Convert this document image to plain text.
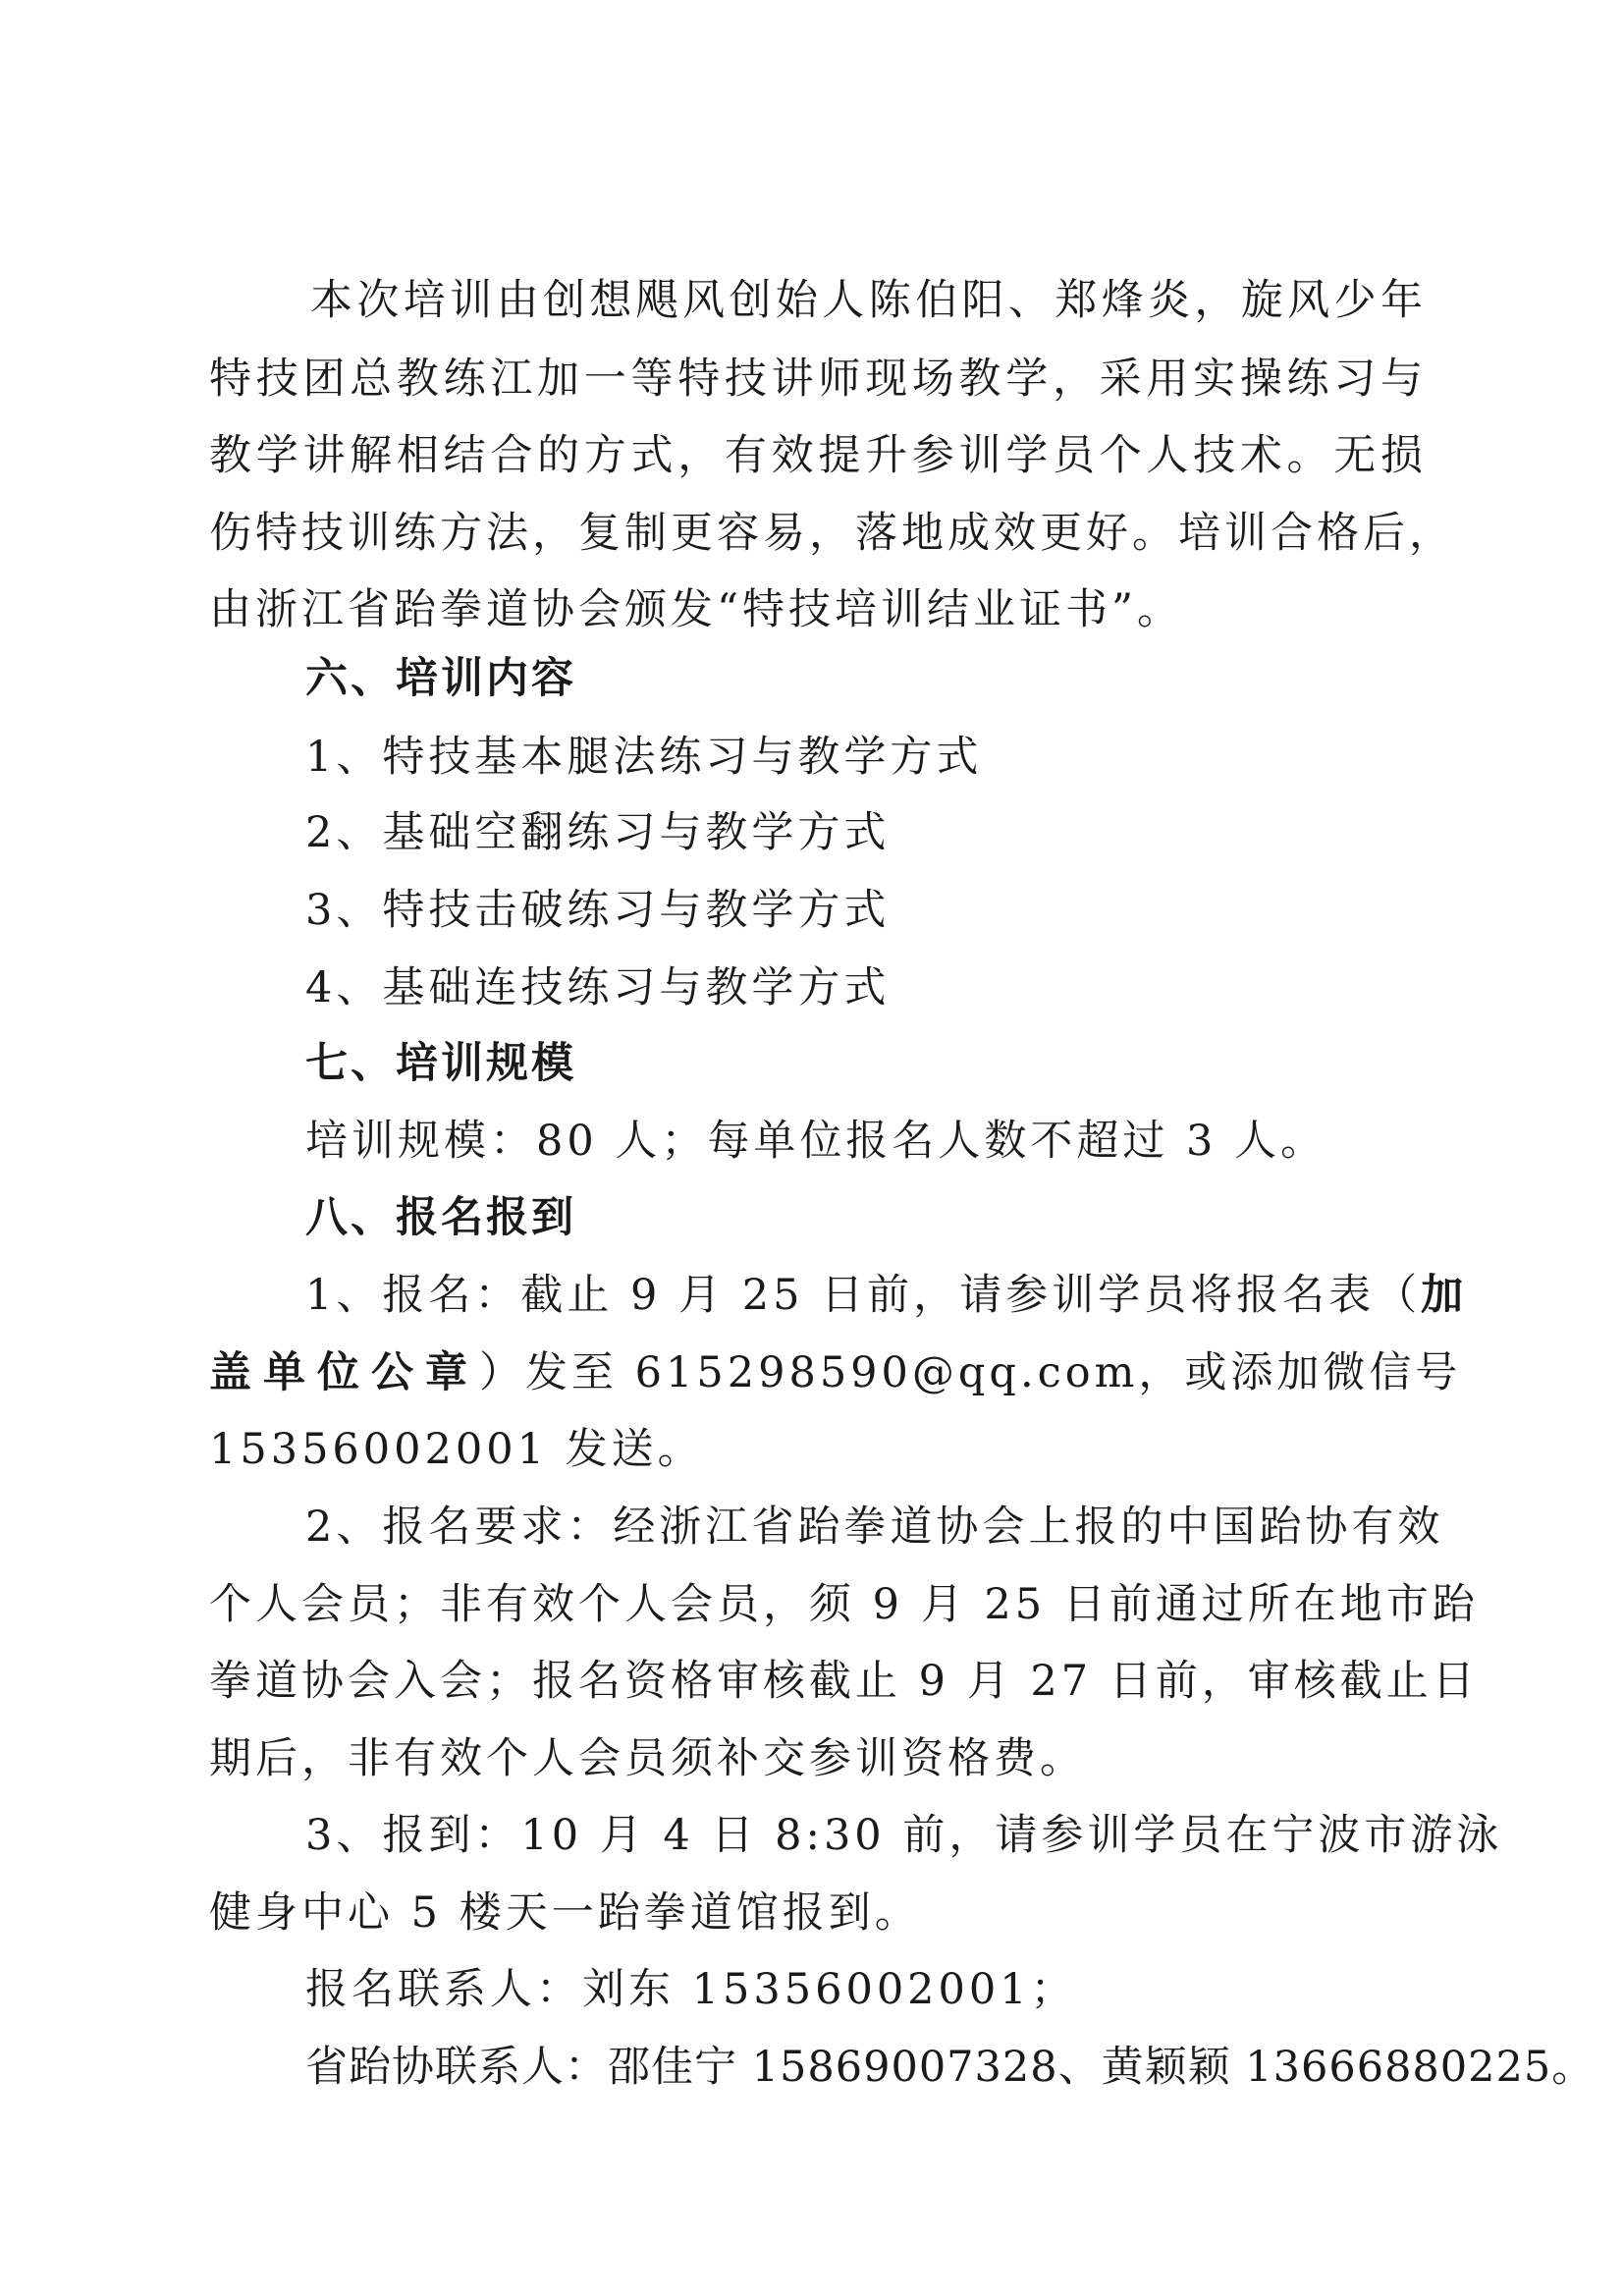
本次培训由创想飓风创始人陈伯阳、郑烽炎，旋风少年
特技团总教练江加一等特技讲师现场教学，采用实操练习与
教学讲解相结合的方式，有效提升参训学员个人技术。无损
伤特技训练方法，复制更容易，落地成效更好。培训合格后，
由浙江省跆拳道协会颁发“特技培训结业证书”。
六、培训内容
1、特技基本腿法练习与教学方式
2、基础空翻练习与教学方式
3、特技击破练习与教学方式
4、基础连技练习与教学方式
七、培训规模
培训规模：80 人；每单位报名人数不超过 3 人。
八、报名报到
1、报名：截止 9 月 25 日前，请参训学员将报名表（加
盖单位公章）发至 615298590@qq.com，或添加微信号
15356002001 发送。
2、报名要求：经浙江省跆拳道协会上报的中国跆协有效
个人会员；非有效个人会员，须 9 月 25 日前通过所在地市跆
拳道协会入会；报名资格审核截止 9 月 27 日前，审核截止日
期后，非有效个人会员须补交参训资格费。
3、报到：10 月 4 日 8:30 前，请参训学员在宁波市游泳
健身中心 5 楼天一跆拳道馆报到。
报名联系人：刘东 15356002001；
省跆协联系人：邵佳宁 15869007328、黄颖颖 13666880225。
